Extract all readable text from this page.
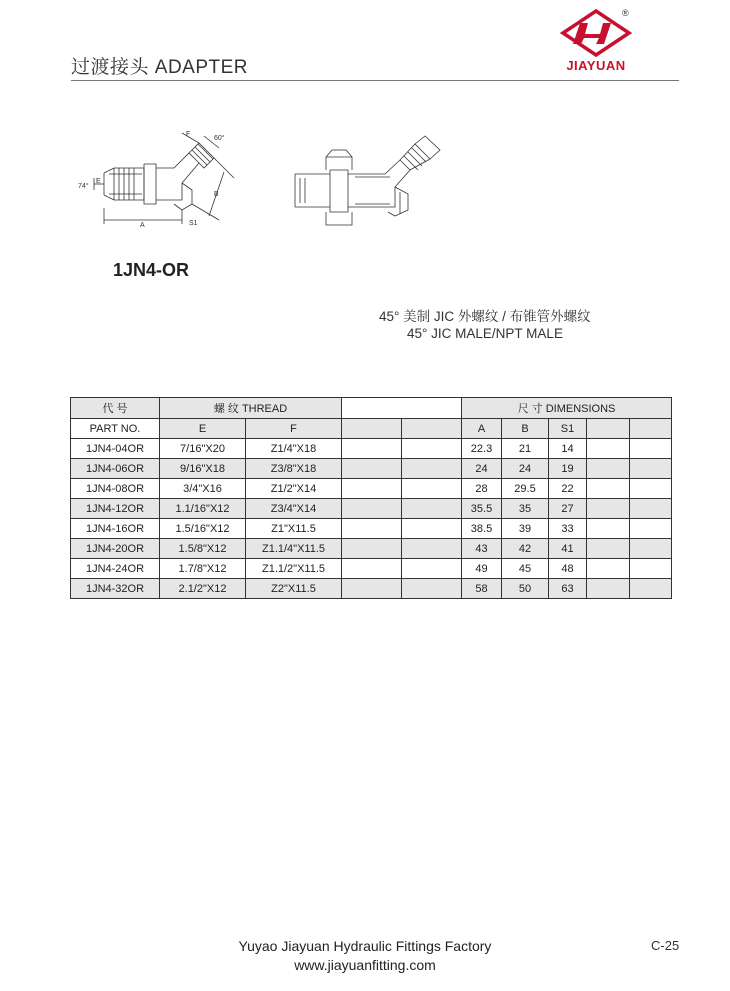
过渡接头 ADAPTER	JIAYUAN
®
F
60°
74°
E
B
A	S1
1JN4-OR
45° 美制 JIC 外螺纹 / 布锥管外螺纹
45° JIC MALE/NPT MALE
代 号	螺 纹 THREAD				尺 寸 DIMENSIONS				
PART NO.	E	F			A	B	S1		
1JN4-04OR	7/16"X20	Z1/4"X18			22.3	21	14		
1JN4-06OR	9/16"X18	Z3/8"X18			24	24	19		
1JN4-08OR	3/4"X16	Z1/2"X14			28	29.5	22		
1JN4-12OR	1.1/16"X12	Z3/4"X14			35.5	35	27		
1JN4-16OR	1.5/16"X12	Z1"X11.5			38.5	39	33		
1JN4-20OR	1.5/8"X12	Z1.1/4"X11.5			43	42	41		
1JN4-24OR	1.7/8"X12	Z1.1/2"X11.5			49	45	48		
1JN4-32OR	2.1/2"X12	Z2"X11.5			58	50	63		
Yuyao Jiayuan Hydraulic Fittings Factory
www.jiayuanfitting.com
C-25
